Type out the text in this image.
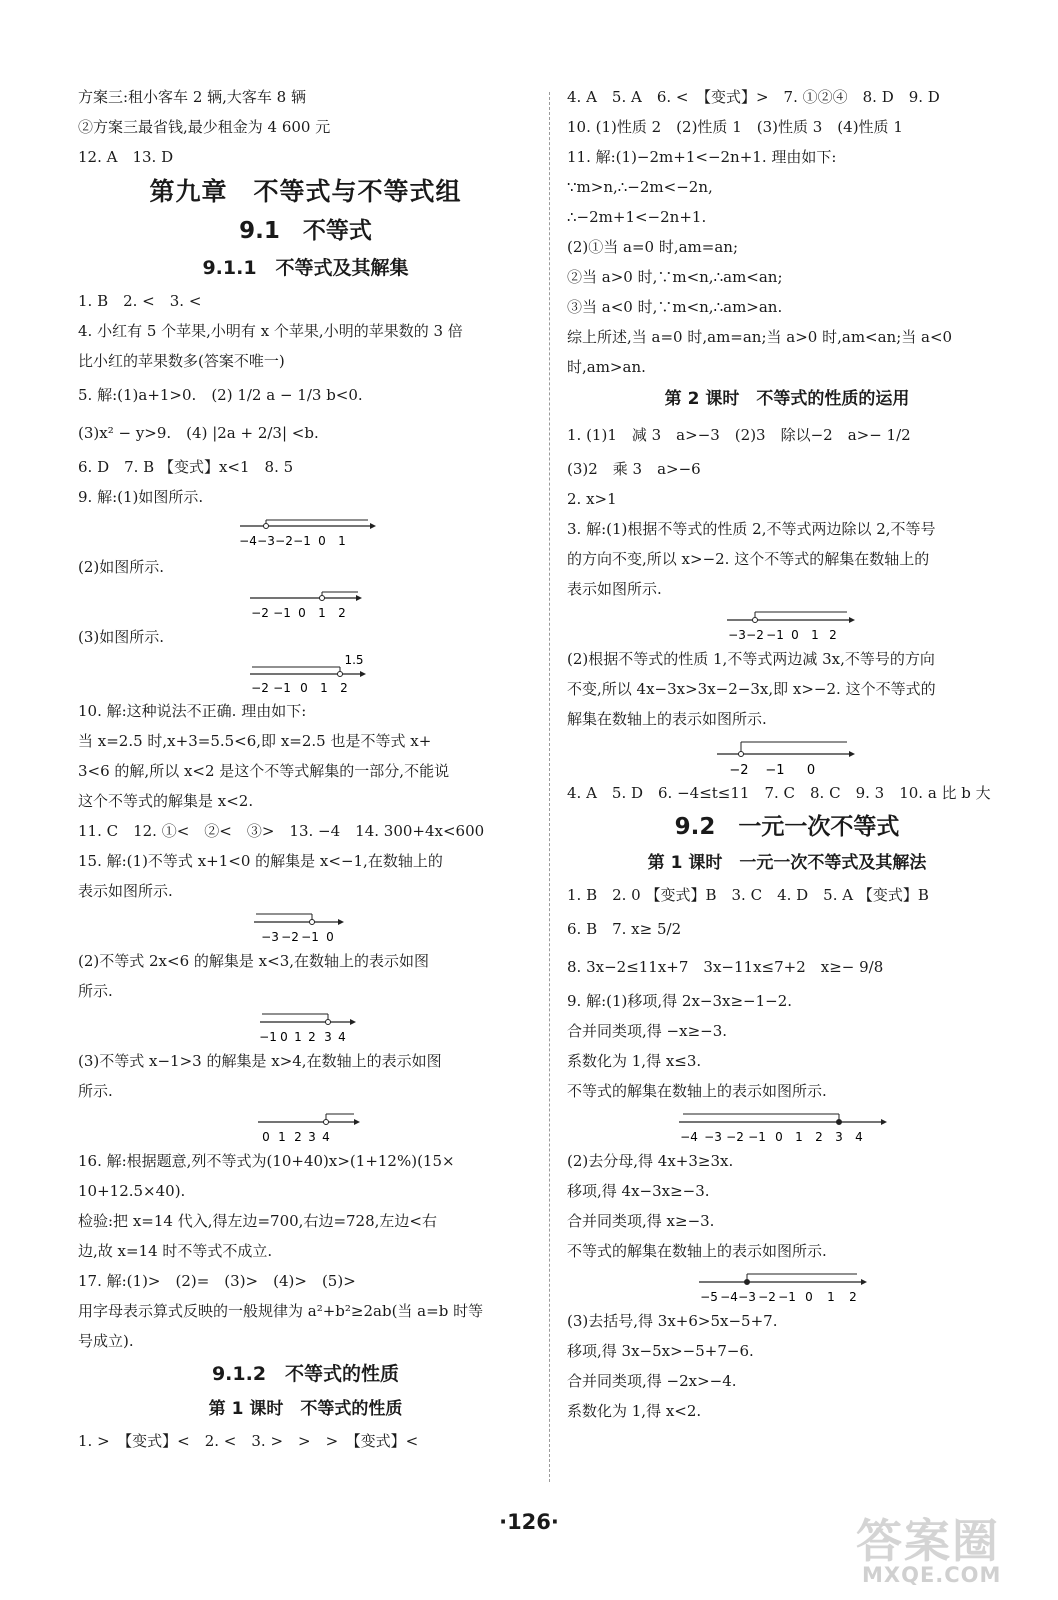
方案三:租小客车 2 辆,大客车 8 辆
②方案三最省钱,最少租金为 4 600 元
12. A　13. D
第九章　不等式与不等式组
9.1　不等式
9.1.1　不等式及其解集
1. B　2. <　3. <
4. 小红有 5 个苹果,小明有 x 个苹果,小明的苹果数的 3 倍
比小红的苹果数多(答案不唯一)
5. 解:(1)a+1>0.　(2) 1/2 a − 1/3 b<0.
(3)x² − y>9.　(4) |2a + 2/3| <b.
6. D　7. B 【变式】x<1　8. 5
9. 解:(1)如图所示.
−4 −3 −2 −1 0 1
(2)如图所示.
−2 −1 0 1 2
(3)如图所示.
−2 −1 0 1 2
1.5
10. 解:这种说法不正确. 理由如下:
当 x=2.5 时,x+3=5.5<6,即 x=2.5 也是不等式 x+
3<6 的解,所以 x<2 是这个不等式解集的一部分,不能说
这个不等式的解集是 x<2.
11. C　12. ①<　②<　③>　13. −4　14. 300+4x<600
15. 解:(1)不等式 x+1<0 的解集是 x<−1,在数轴上的
表示如图所示.
−3 −2 −1 0
(2)不等式 2x<6 的解集是 x<3,在数轴上的表示如图
所示.
−1 0 1 2 3 4
(3)不等式 x−1>3 的解集是 x>4,在数轴上的表示如图
所示.
0 1 2 3 4
16. 解:根据题意,列不等式为(10+40)x>(1+12%)(15×
10+12.5×40).
检验:把 x=14 代入,得左边=700,右边=728,左边<右
边,故 x=14 时不等式不成立.
17. 解:(1)>　(2)=　(3)>　(4)>　(5)>
用字母表示算式反映的一般规律为 a²+b²≥2ab(当 a=b 时等
号成立).
9.1.2　不等式的性质
第 1 课时　不等式的性质
1. >　【变式】<　2. <　3. >　>　>　【变式】<
4. A　5. A　6. <　【变式】>　7. ①②④　8. D　9. D
10. (1)性质 2　(2)性质 1　(3)性质 3　(4)性质 1
11. 解:(1)−2m+1<−2n+1. 理由如下:
∵m>n,∴−2m<−2n,
∴−2m+1<−2n+1.
(2)①当 a=0 时,am=an;
②当 a>0 时,∵m<n,∴am<an;
③当 a<0 时,∵m<n,∴am>an.
综上所述,当 a=0 时,am=an;当 a>0 时,am<an;当 a<0
时,am>an.
第 2 课时　不等式的性质的运用
1. (1)1　减 3　a>−3　(2)3　除以−2　a>− 1/2
(3)2　乘 3　a>−6
2. x>1
3. 解:(1)根据不等式的性质 2,不等式两边除以 2,不等号
的方向不变,所以 x>−2. 这个不等式的解集在数轴上的
表示如图所示.
−3 −2 −1 0 1 2
(2)根据不等式的性质 1,不等式两边减 3x,不等号的方向
不变,所以 4x−3x>3x−2−3x,即 x>−2. 这个不等式的
解集在数轴上的表示如图所示.
−2 −1 0
4. A　5. D　6. −4≤t≤11　7. C　8. C　9. 3　10. a 比 b 大
9.2　一元一次不等式
第 1 课时　一元一次不等式及其解法
1. B　2. 0 【变式】B　3. C　4. D　5. A 【变式】B
6. B　7. x≥ 5/2
8. 3x−2≤11x+7　3x−11x≤7+2　x≥− 9/8
9. 解:(1)移项,得 2x−3x≥−1−2.
合并同类项,得 −x≥−3.
系数化为 1,得 x≤3.
不等式的解集在数轴上的表示如图所示.
−4 −3 −2 −1 0 1 2 3 4
(2)去分母,得 4x+3≥3x.
移项,得 4x−3x≥−3.
合并同类项,得 x≥−3.
不等式的解集在数轴上的表示如图所示.
−5 −4 −3 −2 −1 0 1 2
(3)去括号,得 3x+6>5x−5+7.
移项,得 3x−5x>−5+7−6.
合并同类项,得 −2x>−4.
系数化为 1,得 x<2.
·126·	答案圈
MXQE.COM
